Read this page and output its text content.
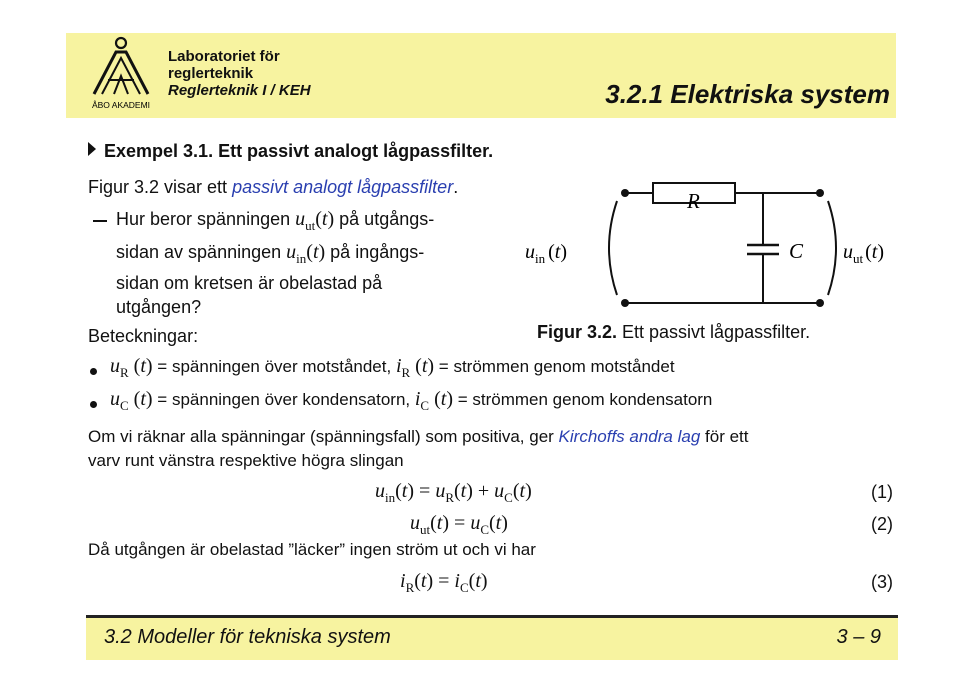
ÅBO AKADEMI
Laboratoriet för
reglerteknik
Reglerteknik I / KEH	3.2.1 Elektriska system
Exempel 3.1. Ett passivt analogt lågpassfilter.
Figur 3.2 visar ett passivt analogt lågpassfilter.
Hur beror spänningen $u_{ut}(t)$ på utgångs-
sidan av spänningen $u_{in}(t)$ på ingångs-
sidan om kretsen är obelastad på
utgången?
Beteckningar:
R
C
$u_{in}$ (t)	$u_{ut}$ (t)
Figur 3.2. Ett passivt lågpassfilter.
$u_R$ (t) = spänningen över motståndet, $i_R$ (t) = strömmen genom motståndet
$u_C$ (t) = spänningen över kondensatorn, $i_C$ (t) = strömmen genom kondensatorn
Om vi räknar alla spänningar (spänningsfall) som positiva, ger Kirchoffs andra lag för ett
varv runt vänstra respektive högra slingan
$u_{in}(t) = u_R(t) + u_C(t)$	(1)
$u_{ut}(t) = u_C(t)$	(2)
Då utgången är obelastad ”läcker” ingen ström ut och vi har
$i_R(t) = i_C(t)$	(3)
3.2 Modeller för tekniska system	3 – 9
